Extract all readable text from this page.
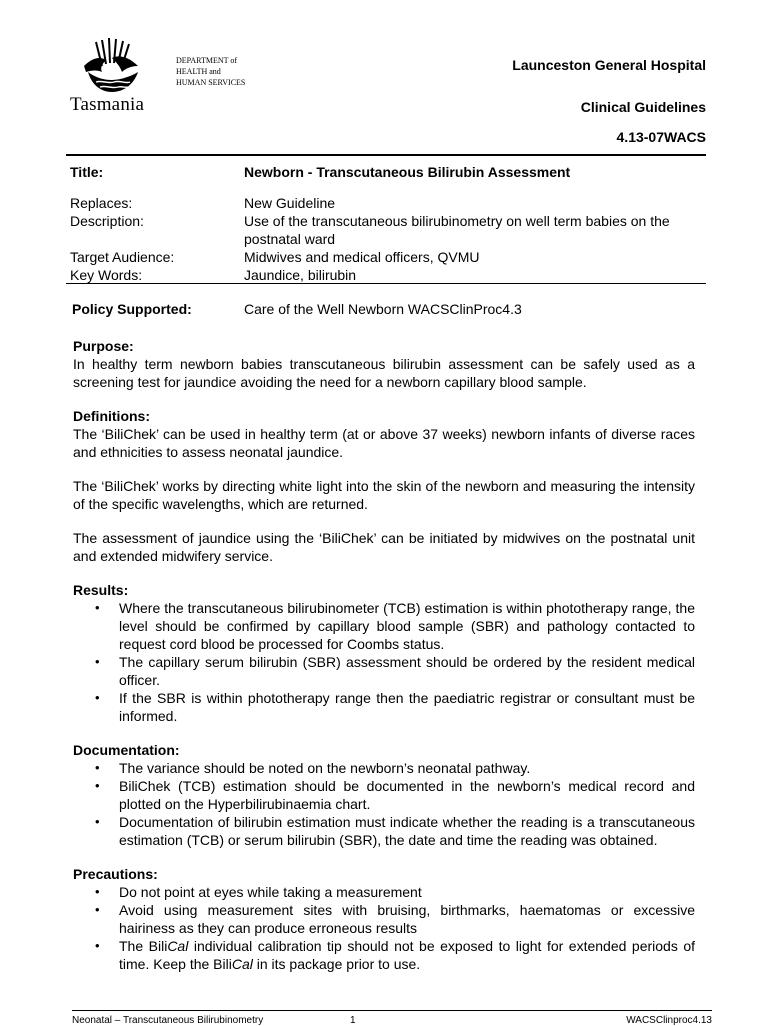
Tasmania
DEPARTMENT of
HEALTH and
HUMAN SERVICES
Launceston General Hospital
Clinical Guidelines
4.13-07WACS
Title:	Newborn - Transcutaneous Bilirubin Assessment
Replaces:	New Guideline
Description:	Use of the transcutaneous bilirubinometry on well term babies on the postnatal ward
Target Audience:	Midwives and medical officers, QVMU
Key Words:	Jaundice, bilirubin
Policy Supported:	Care of the Well Newborn WACSClinProc4.3

Purpose:

In healthy term newborn babies transcutaneous bilirubin assessment can be safely used as a screening test for jaundice avoiding the need for a newborn capillary blood sample.

Definitions:

The ‘BiliChek’ can be used in healthy term (at or above 37 weeks) newborn infants of diverse races and ethnicities to assess neonatal jaundice.

The ‘BiliChek’ works by directing white light into the skin of the newborn and measuring the intensity of the specific wavelengths, which are returned.

The assessment of jaundice using the ‘BiliChek’ can be initiated by midwives on the postnatal unit and extended midwifery service.

Results:

• Where the transcutaneous bilirubinometer (TCB) estimation is within phototherapy range, the level should be confirmed by capillary blood sample (SBR) and pathology contacted to request cord blood be processed for Coombs status.
• The capillary serum bilirubin (SBR) assessment should be ordered by the resident medical officer.
• If the SBR is within phototherapy range then the paediatric registrar or consultant must be informed.

Documentation:

• The variance should be noted on the newborn’s neonatal pathway.
• BiliChek (TCB) estimation should be documented in the newborn’s medical record and plotted on the Hyperbilirubinaemia chart.
• Documentation of bilirubin estimation must indicate whether the reading is a transcutaneous estimation (TCB) or serum bilirubin (SBR), the date and time the reading was obtained.

Precautions:

• Do not point at eyes while taking a measurement
• Avoid using measurement sites with bruising, birthmarks, haematomas or excessive hairiness as they can produce erroneous results
• The BiliCal individual calibration tip should not be exposed to light for extended periods of time. Keep the BiliCal in its package prior to use.
Neonatal – Transcutaneous Bilirubinometry	1	WACSClinproc4.13
